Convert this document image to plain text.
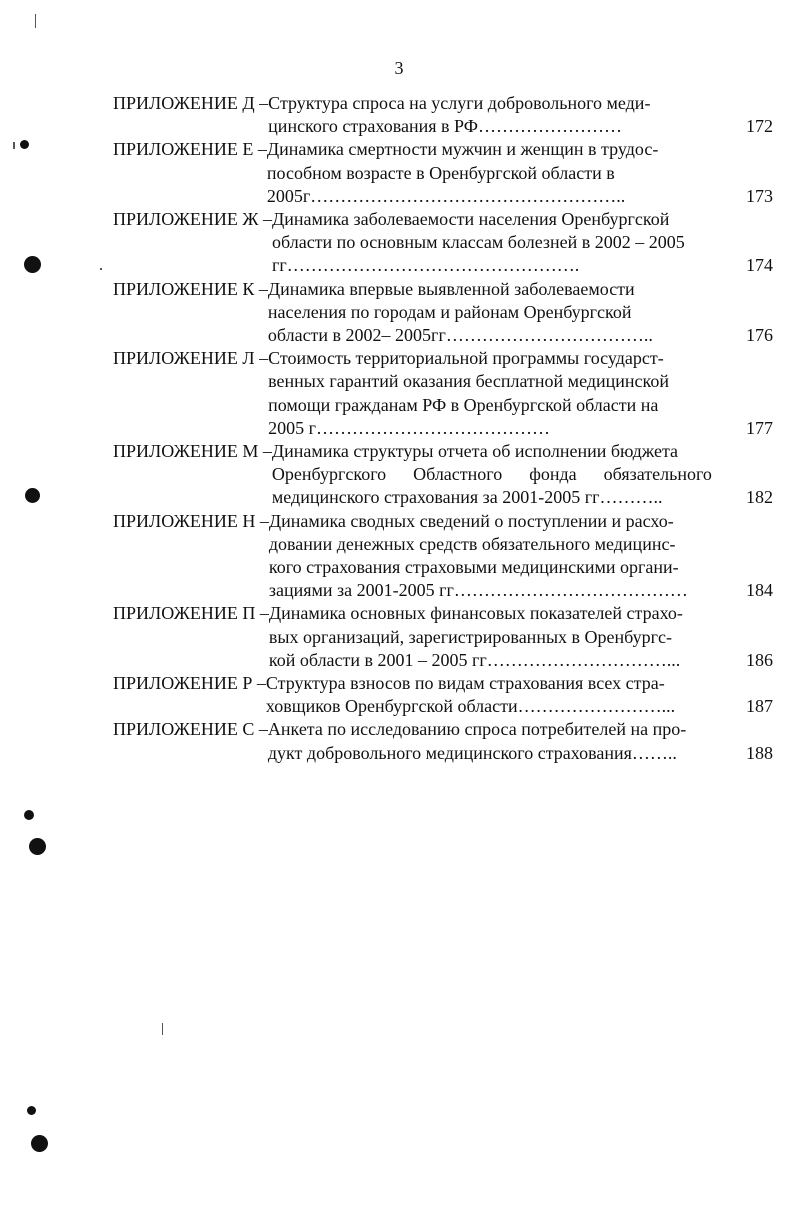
3
ПРИЛОЖЕНИЕ Д – Структура спроса на услуги добровольного меди-
цинского страхования в РФ ……………………	172
ПРИЛОЖЕНИЕ Е – Динамика смертности мужчин и женщин в трудос-
пособном возрасте в Оренбургской области в
2005г ……………………………………………..	173
ПРИЛОЖЕНИЕ Ж – Динамика заболеваемости населения Оренбургской
области по основным классам болезней в 2002 – 2005
гг ………………………………………….	174
ПРИЛОЖЕНИЕ К – Динамика впервые выявленной заболеваемости
населения по городам и районам Оренбургской
области в 2002– 2005гг ……………………………..	176
ПРИЛОЖЕНИЕ Л – Стоимость территориальной программы государст-
венных гарантий оказания бесплатной медицинской
помощи гражданам РФ в Оренбургской области на
2005 г …………………………………	177
ПРИЛОЖЕНИЕ М – Динамика структуры отчета об исполнении бюджета
Оренбургского Областного фонда обязательного
медицинского страхования за 2001-2005 гг ………..	182
ПРИЛОЖЕНИЕ Н – Динамика сводных сведений о поступлении и расхо-
довании денежных средств обязательного медицинс-
кого страхования страховыми медицинскими органи-
зациями за 2001-2005 гг …………………………………	184
ПРИЛОЖЕНИЕ П – Динамика основных финансовых показателей страхо-
вых организаций, зарегистрированных в Оренбургс-
кой области в 2001 – 2005 гг …………………………...	186
ПРИЛОЖЕНИЕ Р – Структура взносов по видам страхования всех стра-
ховщиков Оренбургской области ……………………...	187
ПРИЛОЖЕНИЕ С – Анкета по исследованию спроса потребителей на про-
дукт добровольного медицинского страхования ……..	188
